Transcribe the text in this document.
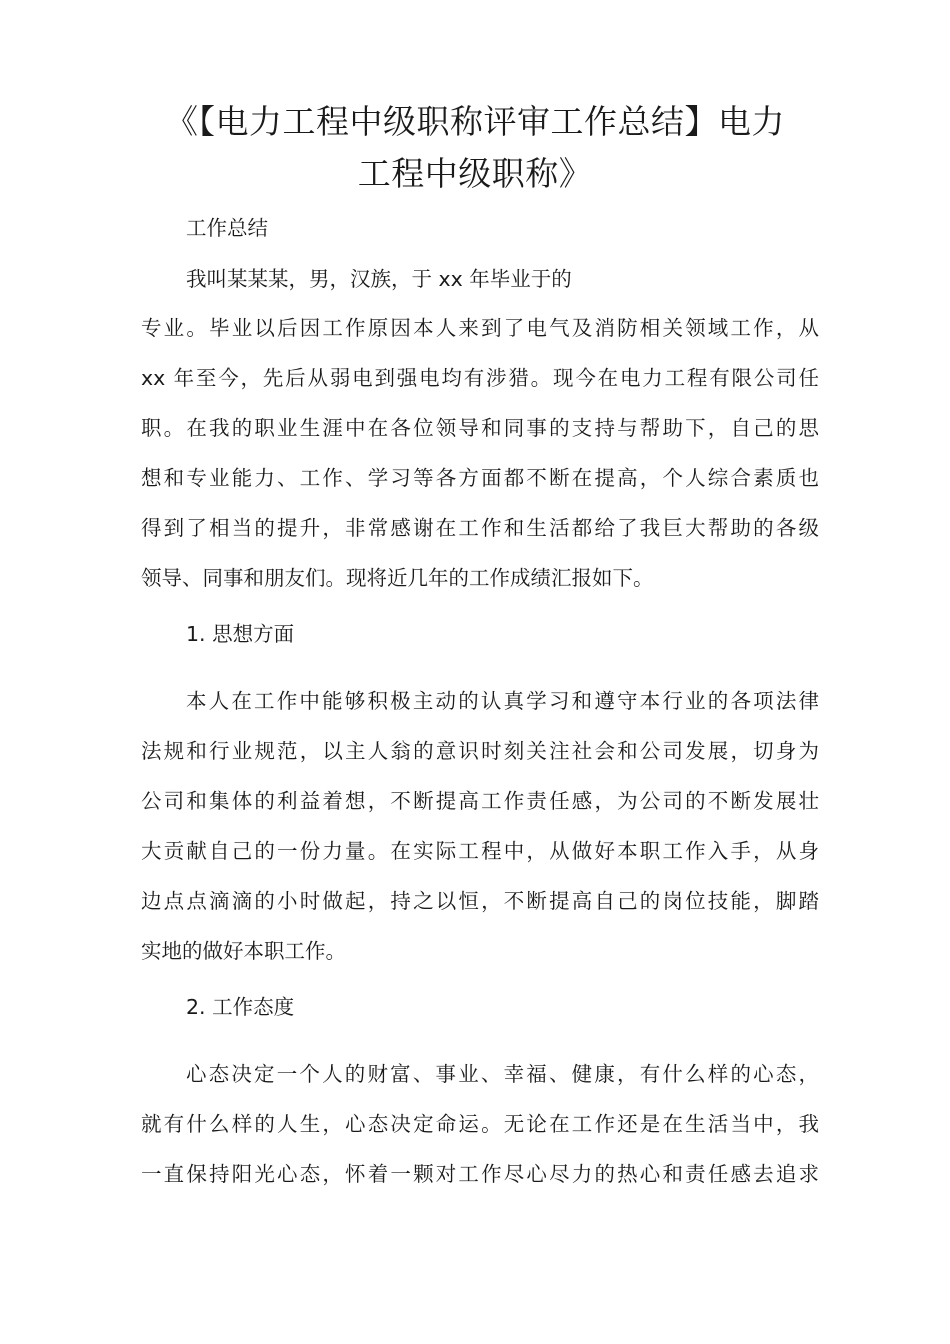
《【电力工程中级职称评审工作总结】电力
工程中级职称》

工作总结

我叫某某某，男，汉族，于 xx 年毕业于的

专业。毕业以后因工作原因本人来到了电气及消防相关领域工作，从

xx 年至今，先后从弱电到强电均有涉猎。现今在电力工程有限公司任

职。在我的职业生涯中在各位领导和同事的支持与帮助下，自己的思

想和专业能力、工作、学习等各方面都不断在提高，个人综合素质也

得到了相当的提升，非常感谢在工作和生活都给了我巨大帮助的各级

领导、同事和朋友们。现将近几年的工作成绩汇报如下。

1. 思想方面

本人在工作中能够积极主动的认真学习和遵守本行业的各项法律

法规和行业规范，以主人翁的意识时刻关注社会和公司发展，切身为

公司和集体的利益着想，不断提高工作责任感，为公司的不断发展壮

大贡献自己的一份力量。在实际工程中，从做好本职工作入手，从身

边点点滴滴的小时做起，持之以恒，不断提高自己的岗位技能，脚踏

实地的做好本职工作。

2. 工作态度

心态决定一个人的财富、事业、幸福、健康，有什么样的心态，

就有什么样的人生，心态决定命运。无论在工作还是在生活当中，我

一直保持阳光心态，怀着一颗对工作尽心尽力的热心和责任感去追求
